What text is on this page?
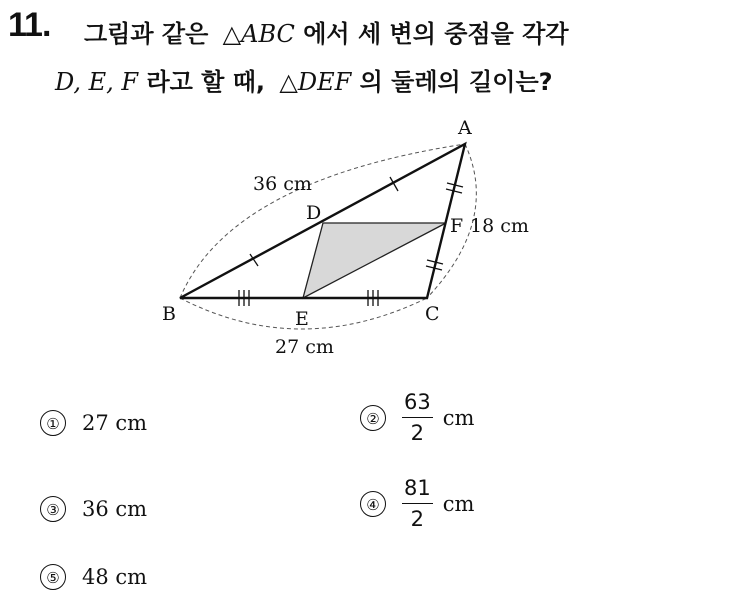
11. 그림과 같은 △ABC 에서 세 변의 중점을 각각
D, E, F 라고 할 때, △DEF 의 둘레의 길이는?
A
B	C
D
E
F
36 cm
18 cm
27 cm
① 27 cm	② $\frac{63}{2}$ cm
③ 36 cm	④ $\frac{81}{2}$ cm
⑤ 48 cm
